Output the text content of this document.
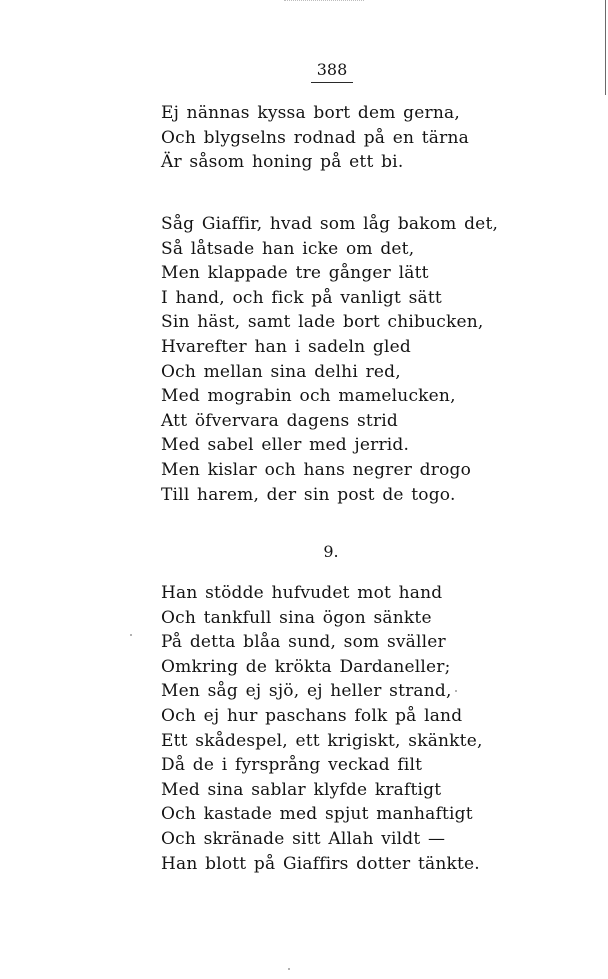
388
Ej nännas kyssa bort dem gerna,
Och blygselns rodnad på en tärna
Är såsom honing på ett bi.
Såg Giaffir, hvad som låg bakom det,
Så låtsade han icke om det,
Men klappade tre gånger lätt
I hand, och fick på vanligt sätt
Sin häst, samt lade bort chibucken,
Hvarefter han i sadeln gled
Och mellan sina delhi red,
Med mograbin och mamelucken,
Att öfvervara dagens strid
Med sabel eller med jerrid.
Men kislar och hans negrer drogo
Till harem, der sin post de togo.
9.
Han stödde hufvudet mot hand
Och tankfull sina ögon sänkte
På detta blåa sund, som sväller
Omkring de krökta Dardaneller;
Men såg ej sjö, ej heller strand,
Och ej hur paschans folk på land
Ett skådespel, ett krigiskt, skänkte,
Då de i fyrsprång veckad filt
Med sina sablar klyfde kraftigt
Och kastade med spjut manhaftigt
Och skränade sitt Allah vildt —
Han blott på Giaffirs dotter tänkte.
